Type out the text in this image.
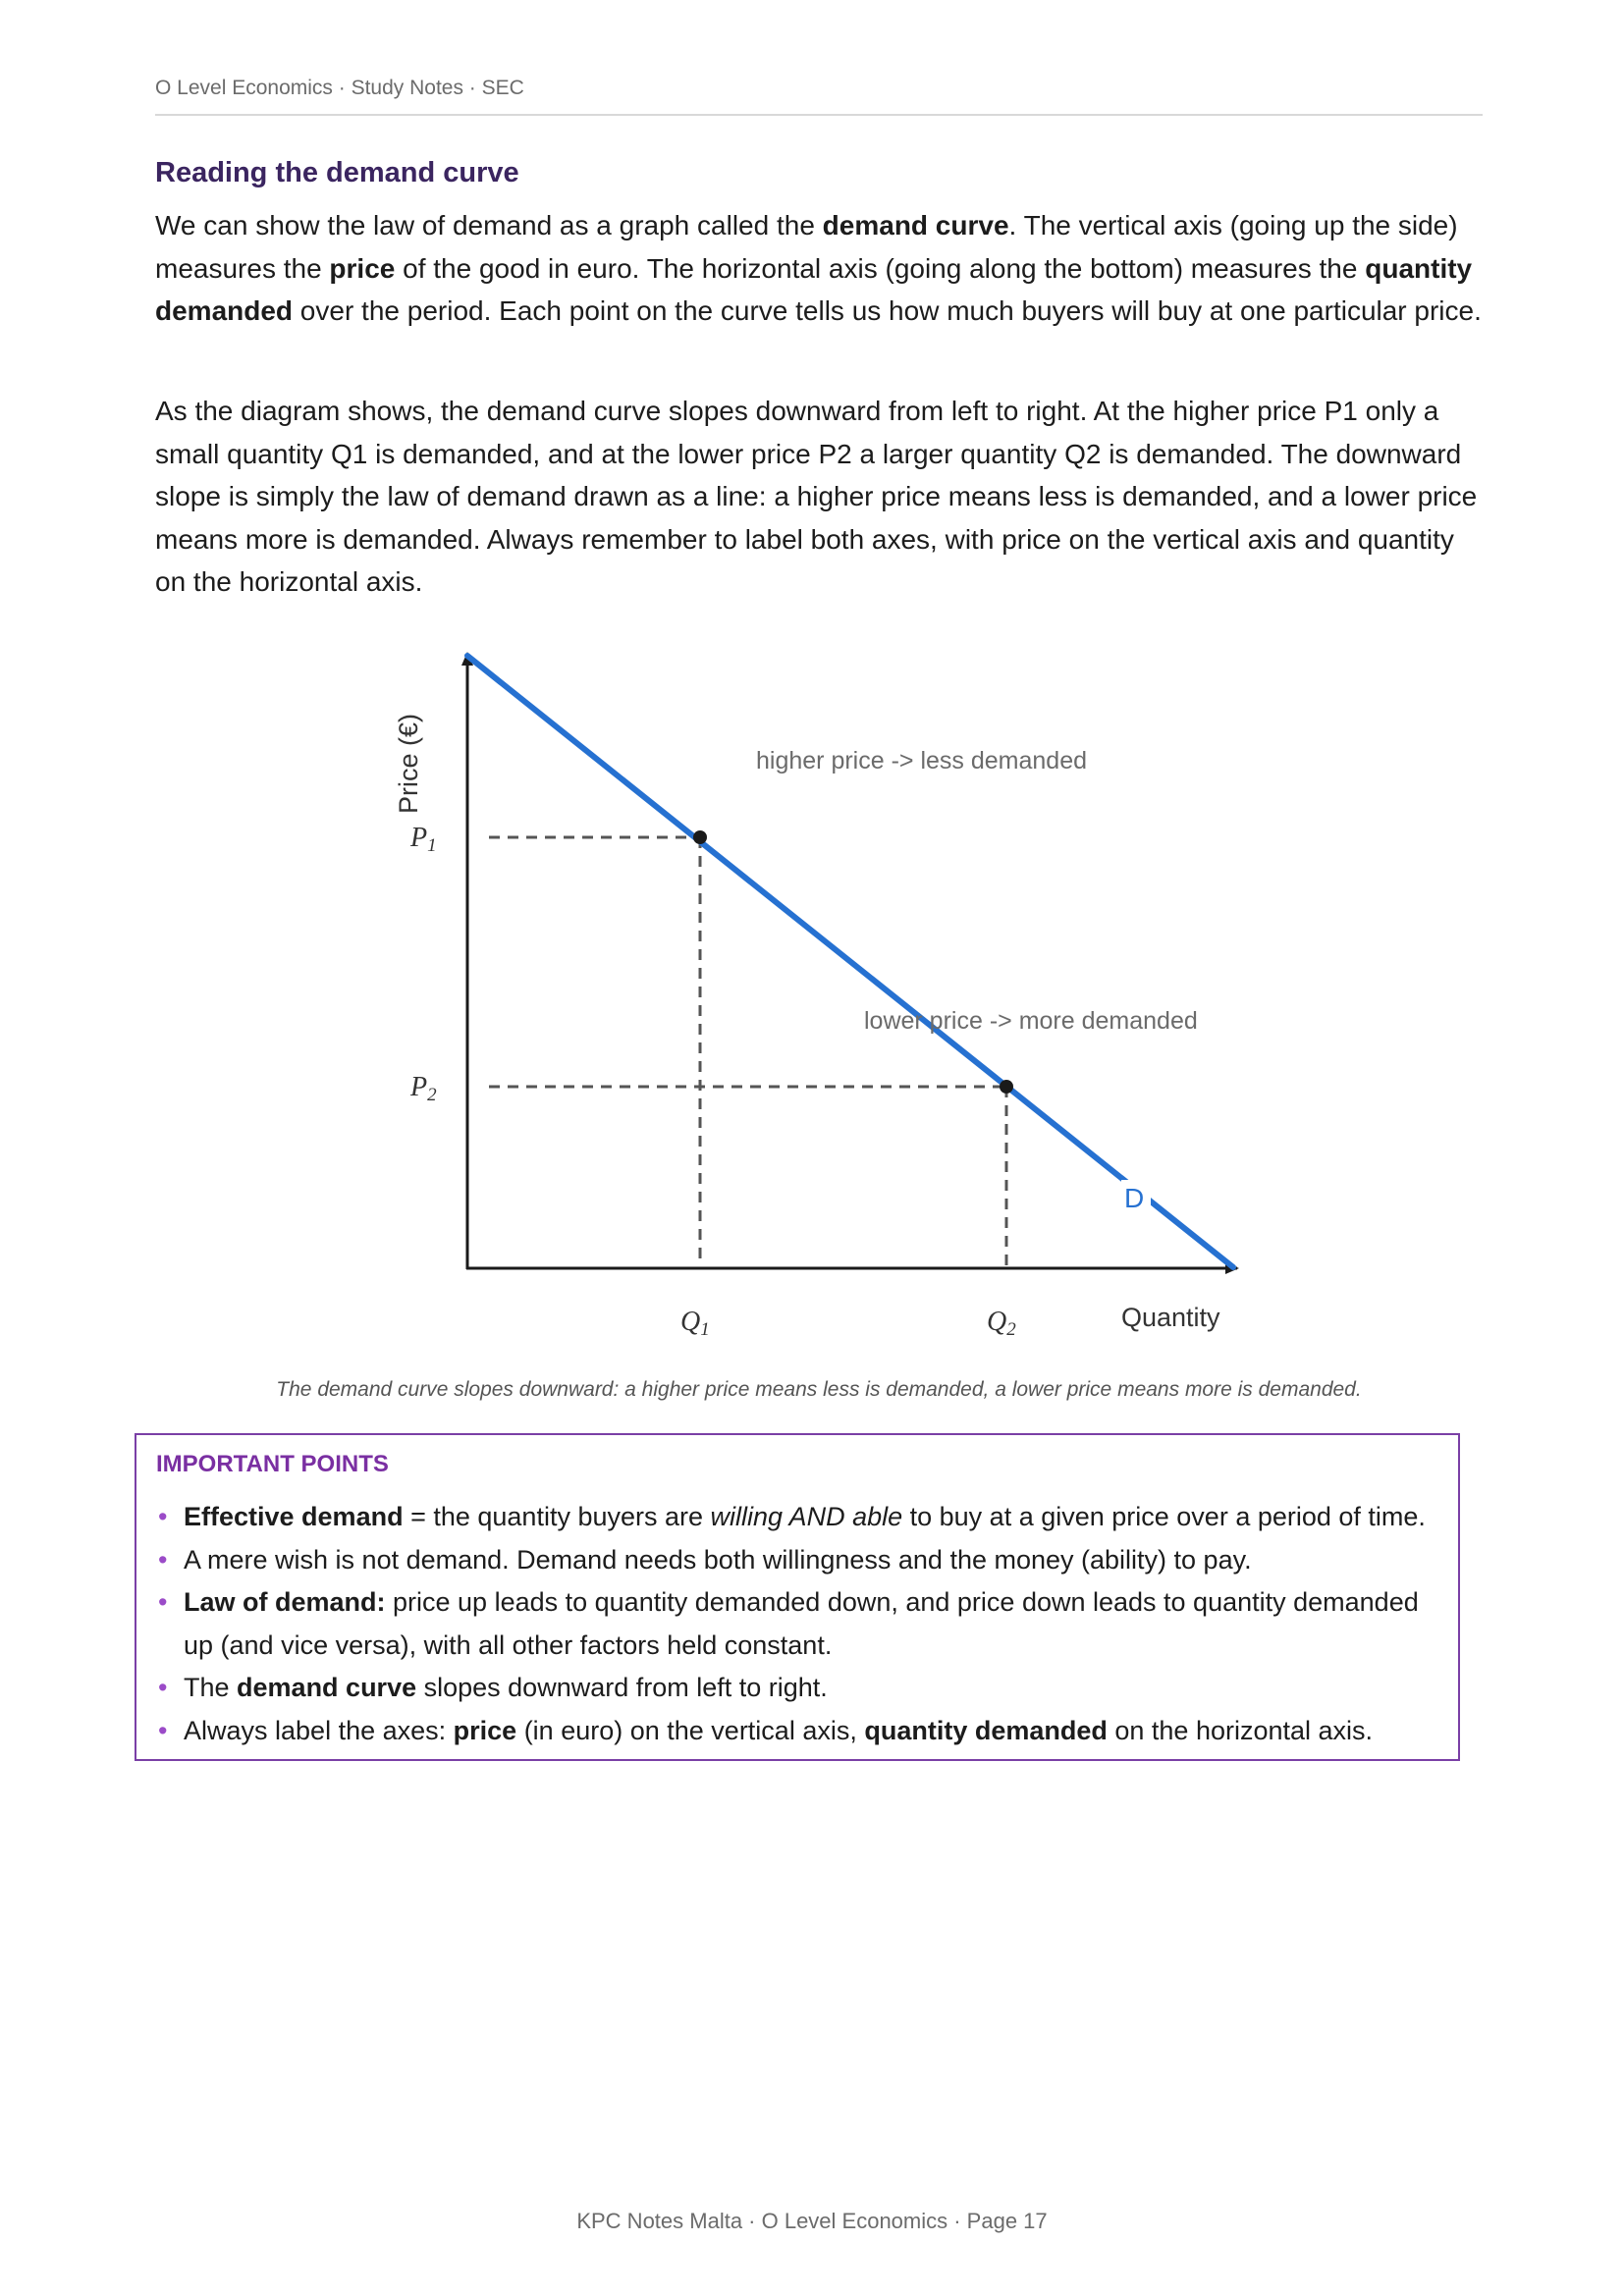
O Level Economics · Study Notes · SEC
Reading the demand curve
We can show the law of demand as a graph called the demand curve. The vertical axis (going up the side) measures the price of the good in euro. The horizontal axis (going along the bottom) measures the quantity demanded over the period. Each point on the curve tells us how much buyers will buy at one particular price.
As the diagram shows, the demand curve slopes downward from left to right. At the higher price P1 only a small quantity Q1 is demanded, and at the lower price P2 a larger quantity Q2 is demanded. The downward slope is simply the law of demand drawn as a line: a higher price means less is demanded, and a lower price means more is demanded. Always remember to label both axes, with price on the vertical axis and quantity on the horizontal axis.
higher price -> less demanded
lower price -> more demanded
D
P1
P2
Q1	Q2
Price (€)
Quantity
The demand curve slopes downward: a higher price means less is demanded, a lower price means more is demanded.
IMPORTANT POINTS
• Effective demand = the quantity buyers are willing AND able to buy at a given price over a period of time.
• A mere wish is not demand. Demand needs both willingness and the money (ability) to pay.
• Law of demand: price up leads to quantity demanded down, and price down leads to quantity demanded up (and vice versa), with all other factors held constant.
• The demand curve slopes downward from left to right.
• Always label the axes: price (in euro) on the vertical axis, quantity demanded on the horizontal axis.
KPC Notes Malta · O Level Economics · Page 17
